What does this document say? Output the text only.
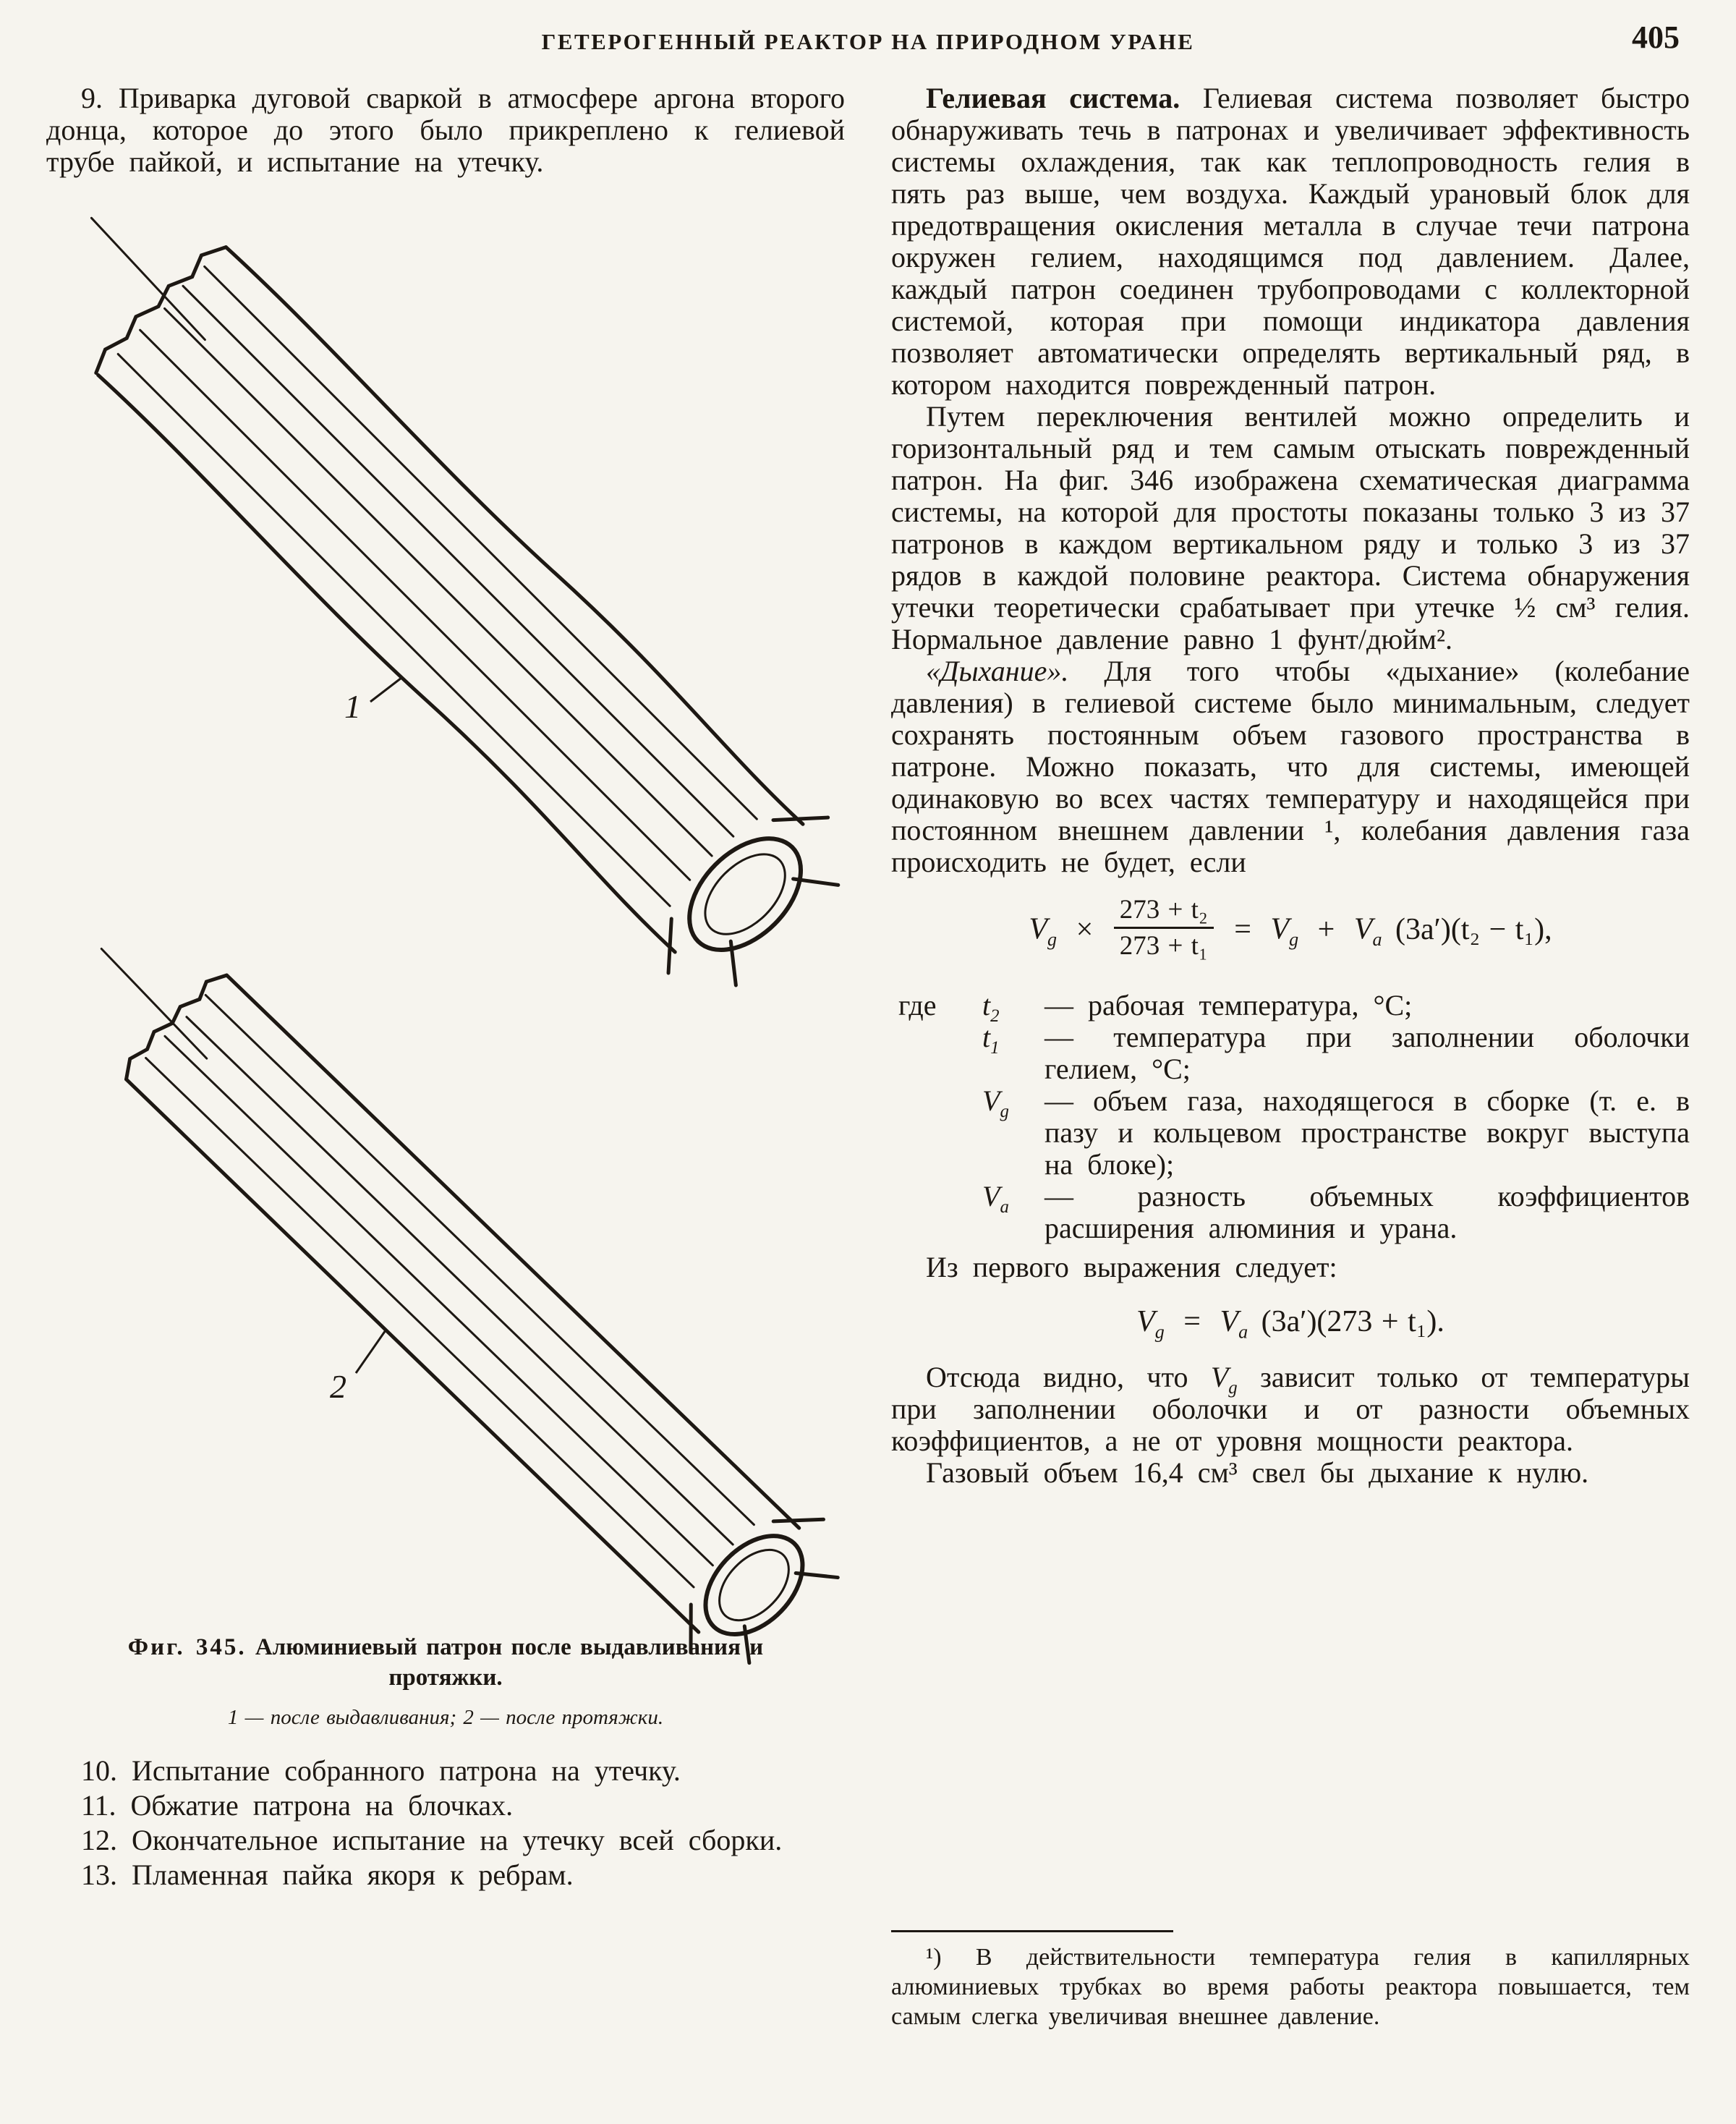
ГЕТЕРОГЕННЫЙ РЕАКТОР НА ПРИРОДНОМ УРАНЕ	405

9. Приварка дуговой сваркой в атмосфере аргона второго донца, которое до этого было прикреплено к гелиевой трубе пайкой, и испытание на утечку.

1
2
Фиг. 345. Алюминиевый патрон после выдавливания и протяжки.
1 — после выдавливания; 2 — после протяжки.

10. Испытание собранного патрона на утечку.

11. Обжатие патрона на блочках.

12. Окончательное испытание на утечку всей сборки.

13. Пламенная пайка якоря к ребрам.

Гелиевая система. Гелиевая система позволяет быстро обнаруживать течь в патронах и увеличивает эффективность системы охлаждения, так как теплопроводность гелия в пять раз выше, чем воздуха. Каждый урановый блок для предотвращения окисления металла в случае течи патрона окружен гелием, находящимся под давлением. Далее, каждый патрон соединен трубопроводами с коллекторной системой, которая при помощи индикатора давления позволяет автоматически определять вертикальный ряд, в котором находится поврежденный патрон.

Путем переключения вентилей можно определить и горизонтальный ряд и тем самым отыскать поврежденный патрон. На фиг. 346 изображена схематическая диаграмма системы, на которой для простоты показаны только 3 из 37 патронов в каждом вертикальном ряду и только 3 из 37 рядов в каждой половине реактора. Система обнаружения утечки теоретически срабатывает при утечке ½ см³ гелия. Нормальное давление равно 1 фунт/дюйм².

«Дыхание». Для того чтобы «дыхание» (колебание давления) в гелиевой системе было минимальным, следует сохранять постоянным объем газового пространства в патроне. Можно показать, что для системы, имеющей одинаковую во всех частях температуру и находящейся при постоянном внешнем давлении ¹, колебания давления газа происходить не будет, если

$V_g \times \frac{\text{273 + t₂}}{\text{273 + t₁}} = V_g + V_a$ (3a′)(t₂ − t₁),
где	$t_2$	— рабочая температура, °С;
$t_1$	— температура при заполнении оболочки гелием, °С;
$V_g$	— объем газа, находящегося в сборке (т. е. в пазу и кольцевом пространстве вокруг выступа на блоке);
$V_a$	— разность объемных коэффициентов расширения алюминия и урана.

Из первого выражения следует:

$V_g = V_a$ (3a′)(273 + t₁).

Отсюда видно, что $V_g$ зависит только от температуры при заполнении оболочки и от разности объемных коэффициентов, а не от уровня мощности реактора.

Газовый объем 16,4 см³ свел бы дыхание к нулю.

¹) В действительности температура гелия в капиллярных алюминиевых трубках во время работы реактора повышается, тем самым слегка увеличивая внешнее давление.
